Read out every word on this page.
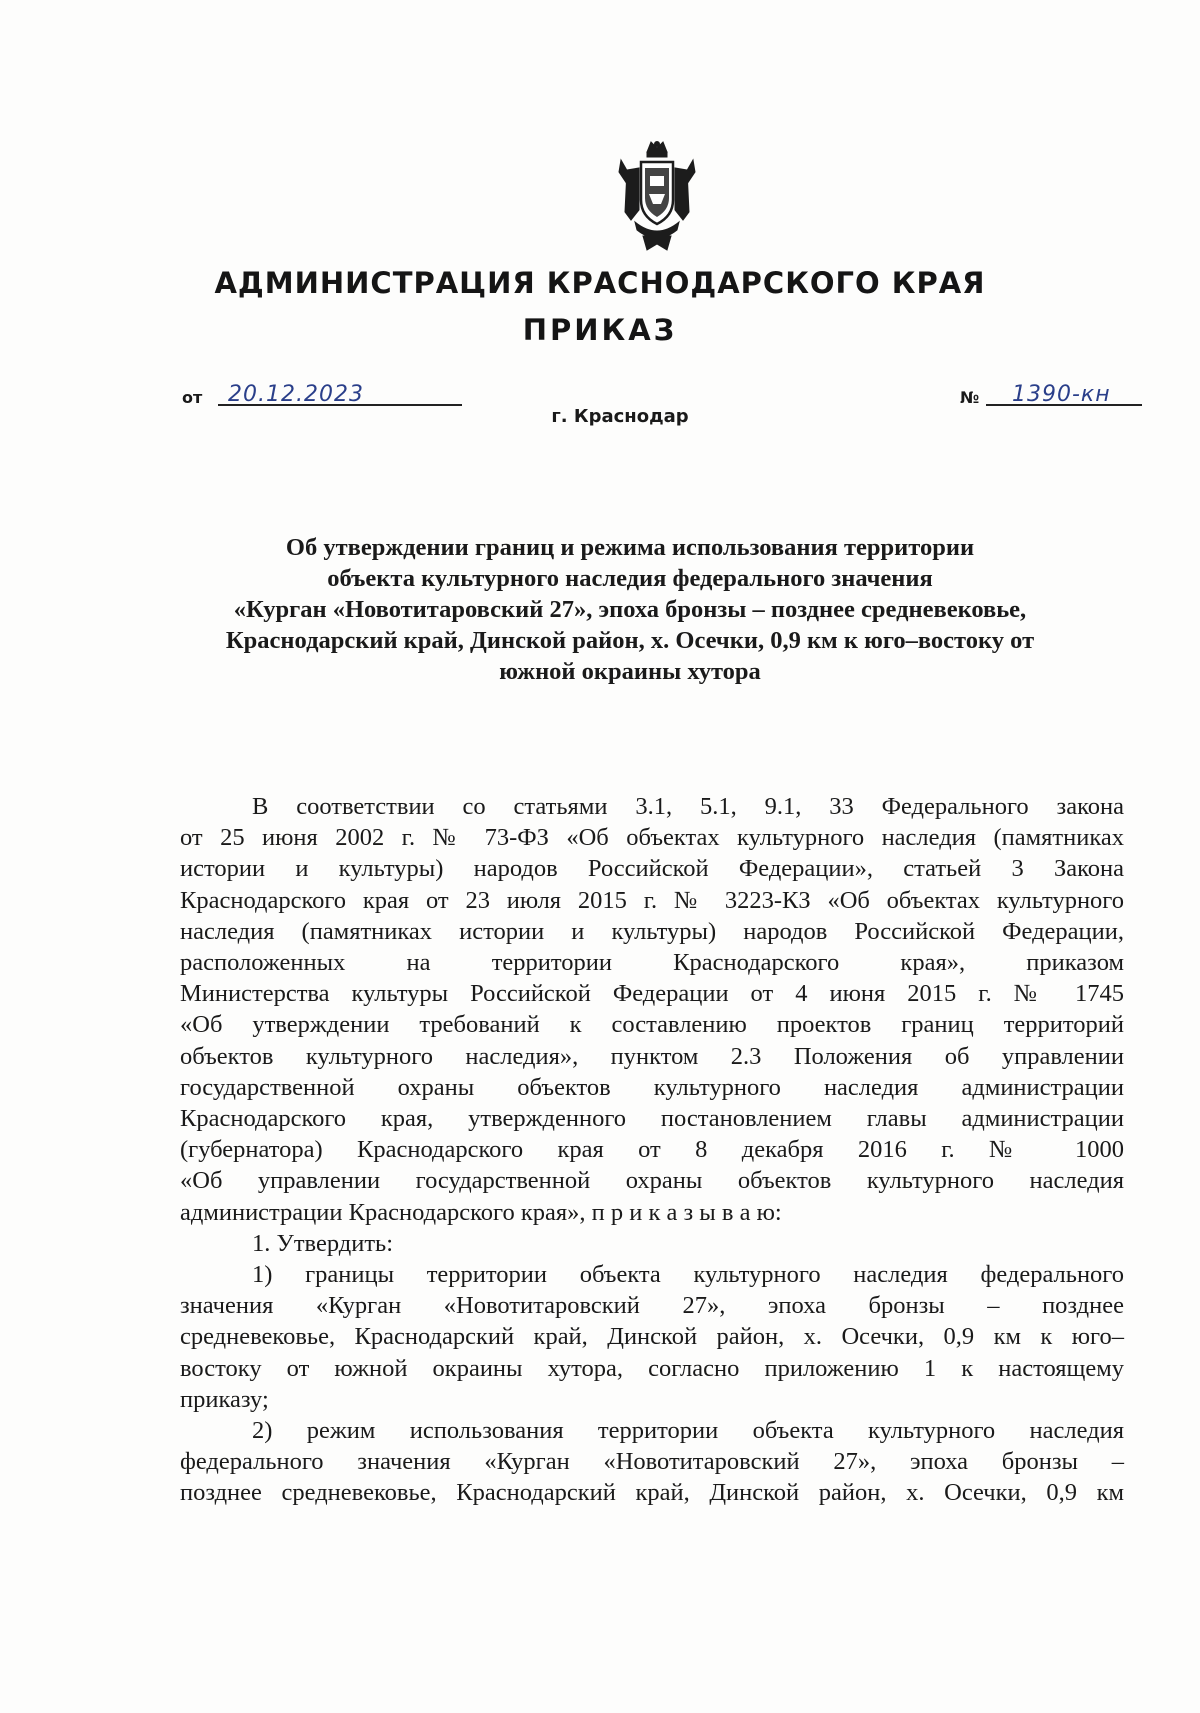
АДМИНИСТРАЦИЯ КРАСНОДАРСКОГО КРАЯ
ПРИКАЗ
от 20.12.2023	№ 1390-кн
г. Краснодар
Об утверждении границ и режима использования территории
объекта культурного наследия федерального значения
«Курган «Новотитаровский 27», эпоха бронзы – позднее средневековье,
Краснодарский край, Динской район, х. Осечки, 0,9 км к юго–востоку от
южной окраины хутора
В соответствии со статьями 3.1, 5.1, 9.1, 33 Федерального закона
от 25 июня 2002 г. № 73-ФЗ «Об объектах культурного наследия (памятниках
истории и культуры) народов Российской Федерации», статьей 3 Закона
Краснодарского края от 23 июля 2015 г. № 3223-КЗ «Об объектах культурного
наследия (памятниках истории и культуры) народов Российской Федерации,
расположенных на территории Краснодарского края», приказом
Министерства культуры Российской Федерации от 4 июня 2015 г. № 1745
«Об утверждении требований к составлению проектов границ территорий
объектов культурного наследия», пунктом 2.3 Положения об управлении
государственной охраны объектов культурного наследия администрации
Краснодарского края, утвержденного постановлением главы администрации
(губернатора) Краснодарского края от 8 декабря 2016 г. № 1000
«Об управлении государственной охраны объектов культурного наследия
администрации Краснодарского края», п р и к а з ы в а ю:
1. Утвердить:
1) границы территории объекта культурного наследия федерального
значения «Курган «Новотитаровский 27», эпоха бронзы – позднее
средневековье, Краснодарский край, Динской район, х. Осечки, 0,9 км к юго–
востоку от южной окраины хутора, согласно приложению 1 к настоящему
приказу;
2) режим использования территории объекта культурного наследия
федерального значения «Курган «Новотитаровский 27», эпоха бронзы –
позднее средневековье, Краснодарский край, Динской район, х. Осечки, 0,9 км
